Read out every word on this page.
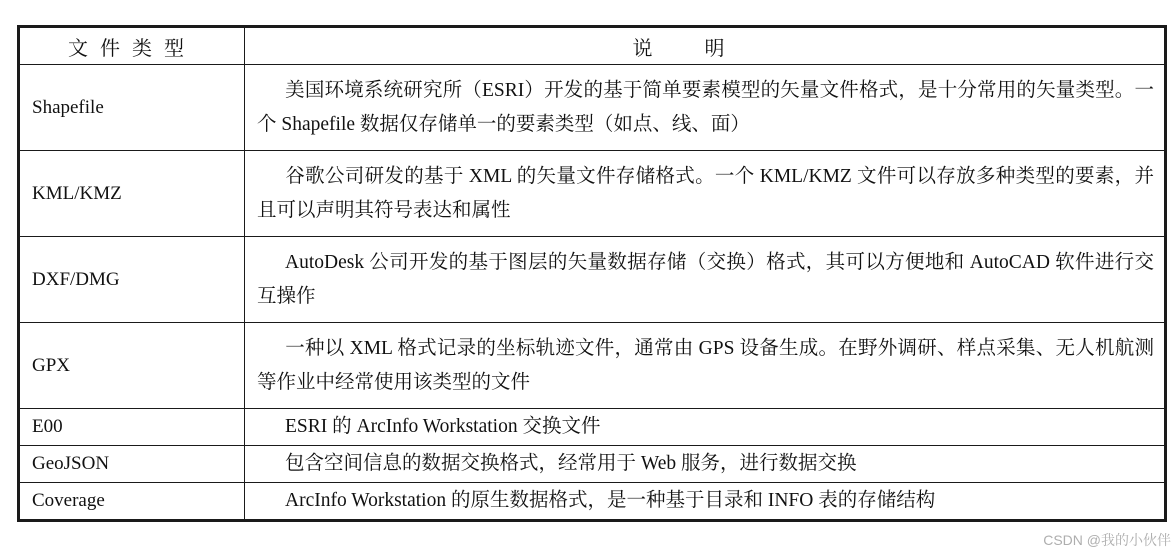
文件类型	说明
Shapefile	美国环境系统研究所（ESRI）开发的基于简单要素模型的矢量文件格式，是十分常用的矢量类型。一个 Shapefile 数据仅存储单一的要素类型（如点、线、面）
KML/KMZ	谷歌公司研发的基于 XML 的矢量文件存储格式。一个 KML/KMZ 文件可以存放多种类型的要素，并且可以声明其符号表达和属性
DXF/DMG	AutoDesk 公司开发的基于图层的矢量数据存储（交换）格式，其可以方便地和 AutoCAD 软件进行交互操作
GPX	一种以 XML 格式记录的坐标轨迹文件，通常由 GPS 设备生成。在野外调研、样点采集、无人机航测等作业中经常使用该类型的文件
E00	ESRI 的 ArcInfo Workstation 交换文件
GeoJSON	包含空间信息的数据交换格式，经常用于 Web 服务，进行数据交换
Coverage	ArcInfo Workstation 的原生数据格式，是一种基于目录和 INFO 表的存储结构
CSDN @我的小伙伴
